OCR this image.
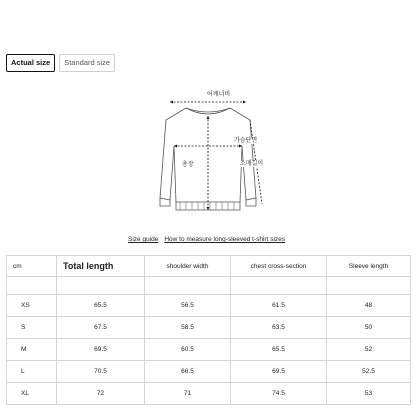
Actual size	Standard size
어깨너비
가슴단면
총장	소매길이
Size guide How to measure long-sleeved t-shirt sizes
cm	Total length	shoulder width	chest cross-section	Sleeve length

XS	65.5	56.5	61.5	48
S	67.5	58.5	63.5	50
M	69.5	60.5	65.5	52
L	70.5	66.5	69.5	52.5
XL	72	71	74.5	53
